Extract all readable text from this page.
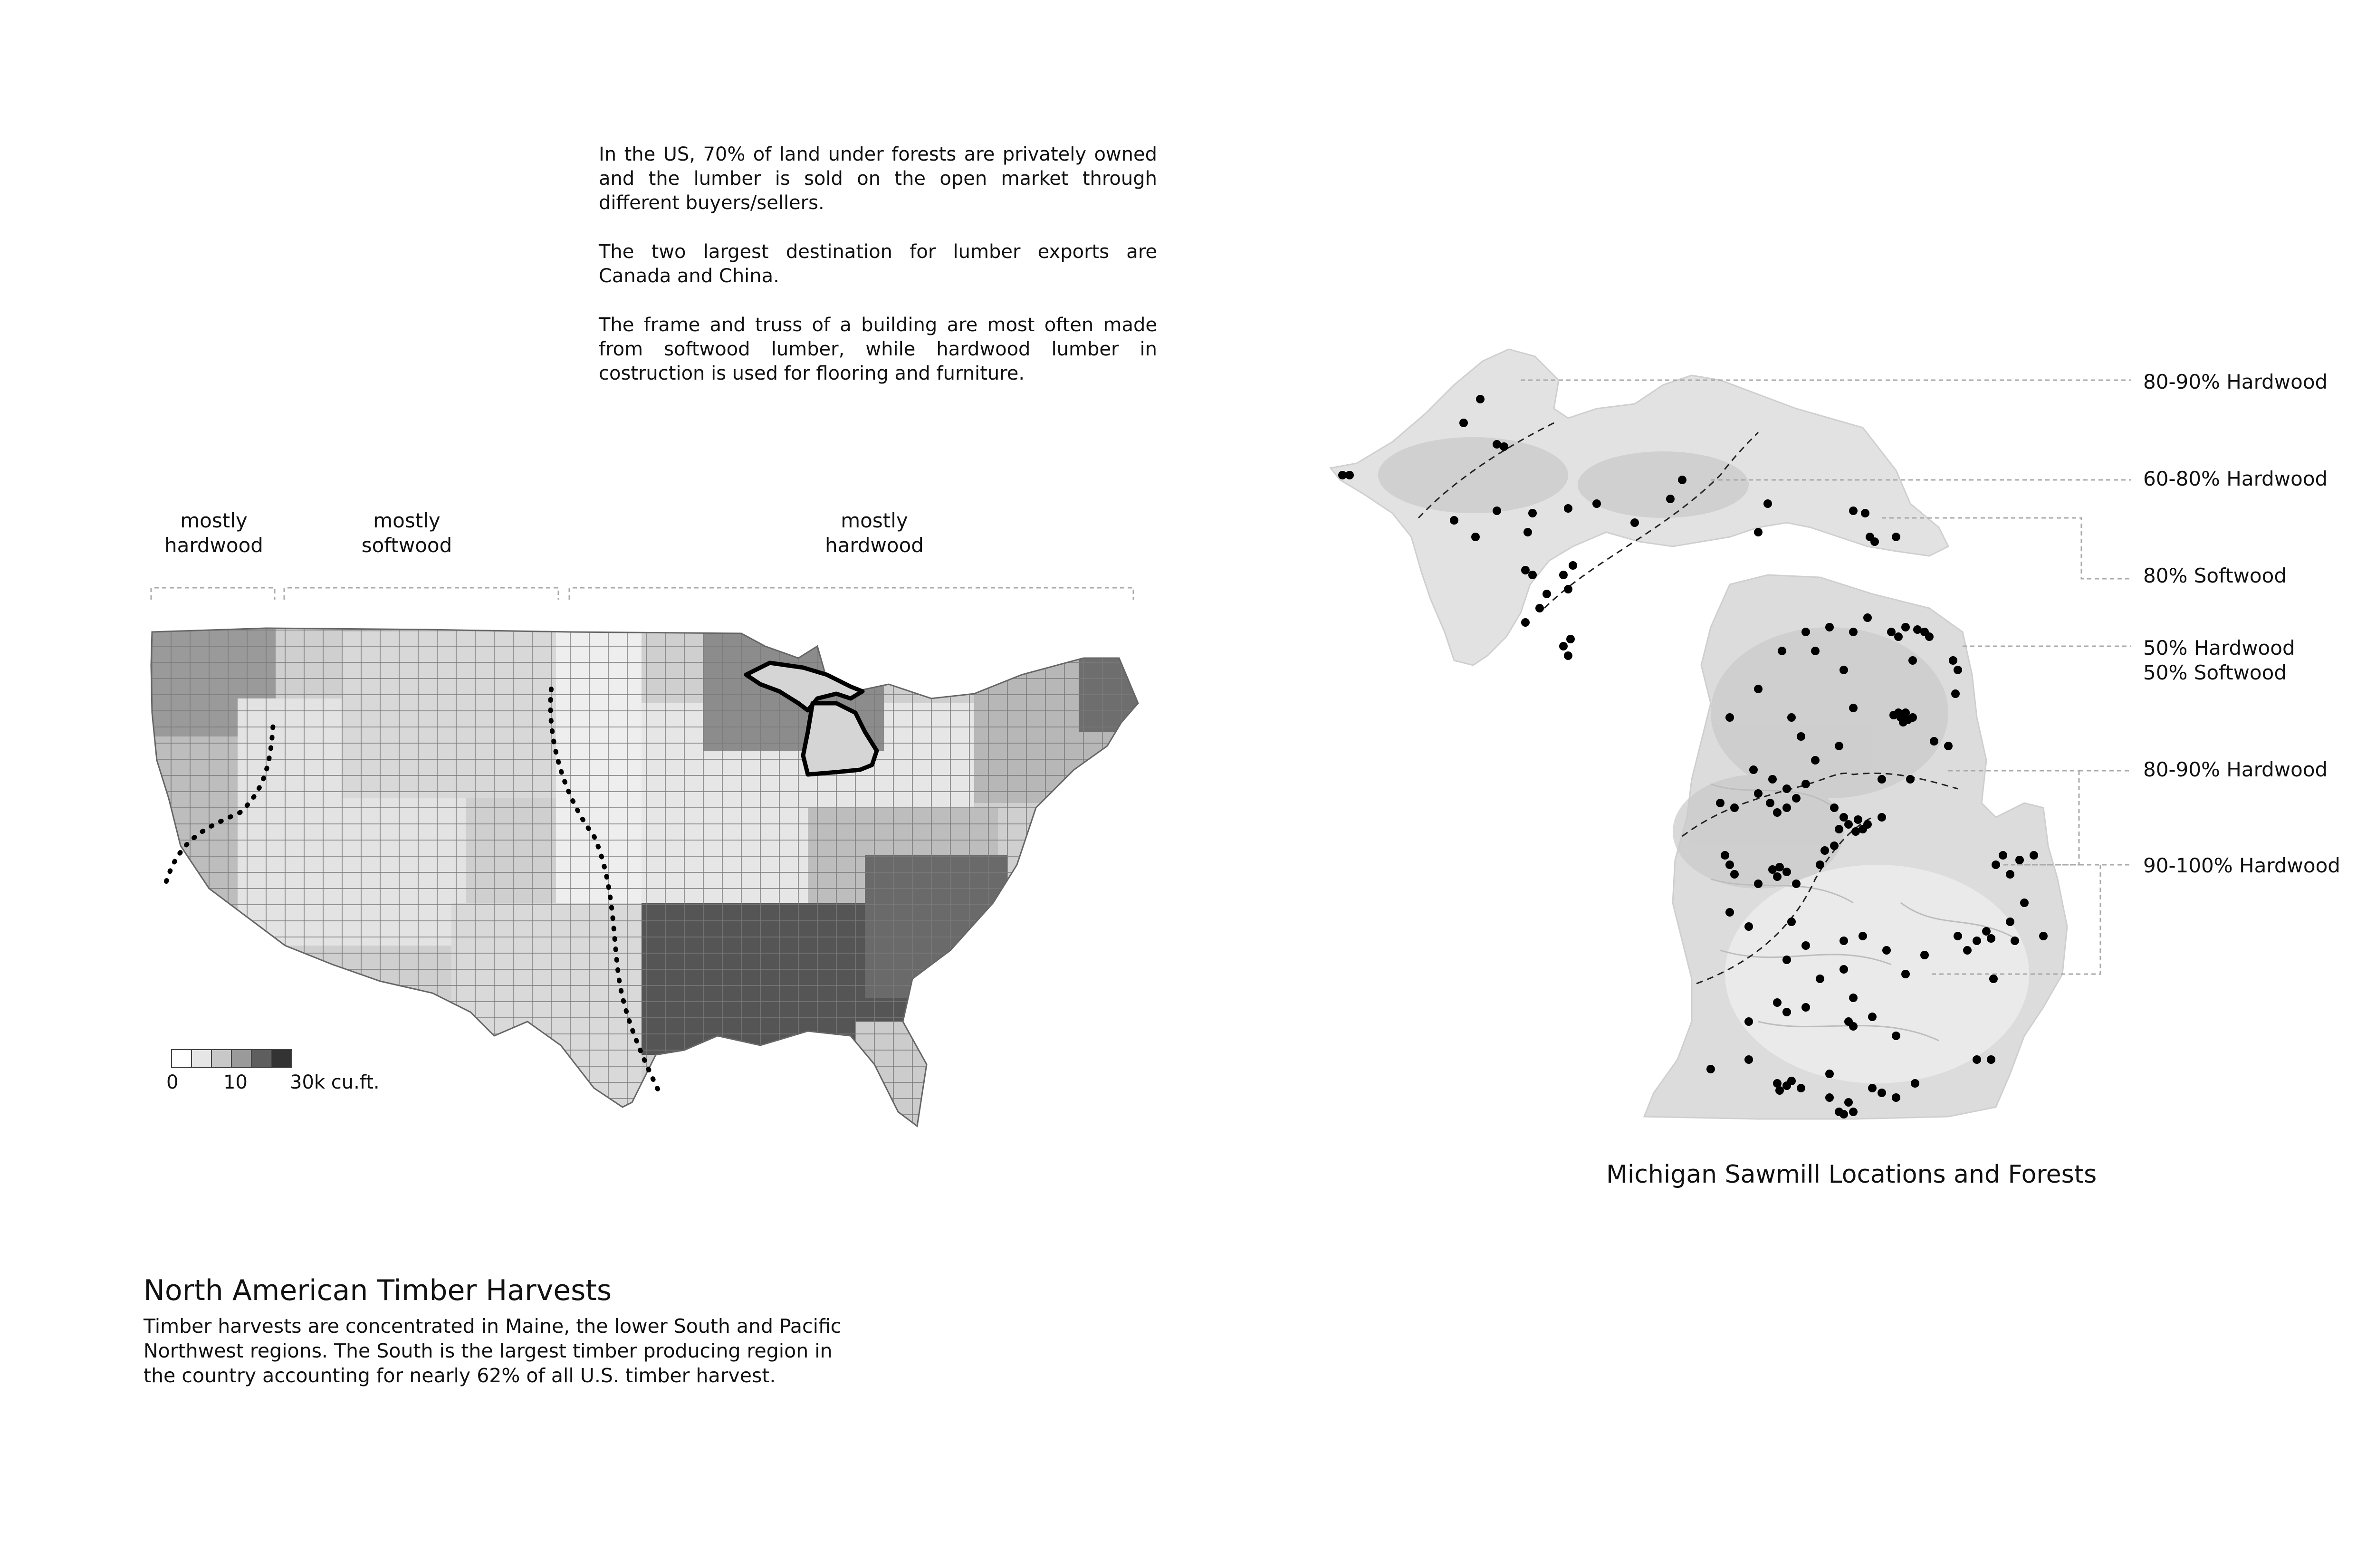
In the US, 70% of land under forests are privately owned and the lumber is sold on the open market through different buyers/sellers.

The two largest destination for lumber exports are Canada and China.

The frame and truss of a building are most often made from softwood lumber, while hardwood lumber in costruction is used for flooring and furniture.

mostly
hardwood
mostly
softwood
mostly
hardwood
0 10 30k cu.ft.
North American Timber Harvests
Timber harvests are concentrated in Maine, the lower South and Pacific
Northwest regions. The South is the largest timber producing region in
the country accounting for nearly 62% of all U.S. timber harvest.
80-90% Hardwood
60-80% Hardwood
80% Softwood
50% Hardwood
50% Softwood
80-90% Hardwood
90-100% Hardwood
Michigan Sawmill Locations and Forests
